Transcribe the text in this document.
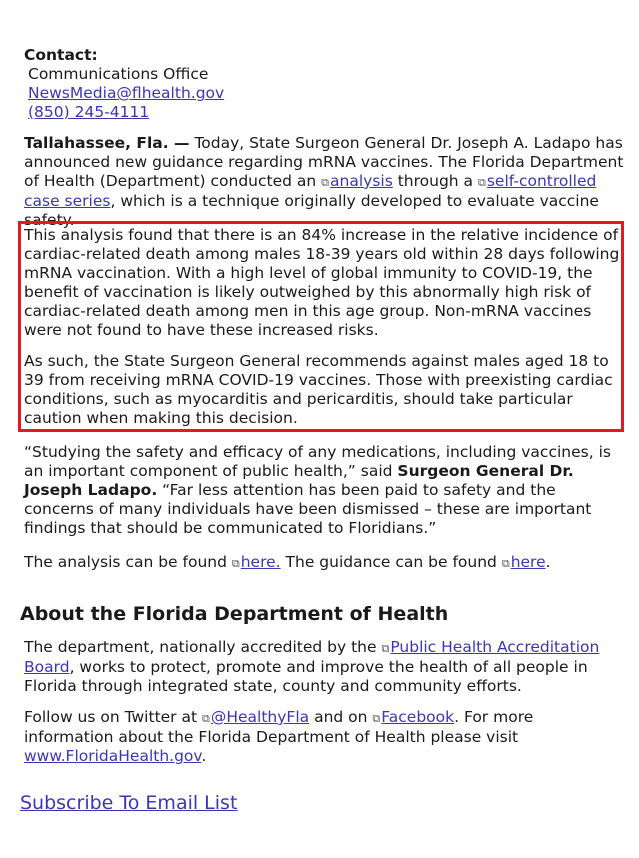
Contact:
Communications Office
NewsMedia@flhealth.gov
(850) 245-4111

Tallahassee, Fla. — Today, State Surgeon General Dr. Joseph A. Ladapo has announced new guidance regarding mRNA vaccines. The Florida Department of Health (Department) conducted an ⧉analysis through a ⧉self-controlled case series, which is a technique originally developed to evaluate vaccine safety.

This analysis found that there is an 84% increase in the relative incidence of cardiac-related death among males 18-39 years old within 28 days following mRNA vaccination. With a high level of global immunity to COVID-19, the benefit of vaccination is likely outweighed by this abnormally high risk of cardiac-related death among men in this age group. Non-mRNA vaccines were not found to have these increased risks.

As such, the State Surgeon General recommends against males aged 18 to 39 from receiving mRNA COVID-19 vaccines. Those with preexisting cardiac conditions, such as myocarditis and pericarditis, should take particular caution when making this decision.

“Studying the safety and efficacy of any medications, including vaccines, is an important component of public health,” said Surgeon General Dr. Joseph Ladapo. “Far less attention has been paid to safety and the concerns of many individuals have been dismissed – these are important findings that should be communicated to Floridians.”

The analysis can be found ⧉here. The guidance can be found ⧉here.

About the Florida Department of Health

The department, nationally accredited by the ⧉Public Health Accreditation Board, works to protect, promote and improve the health of all people in Florida through integrated state, county and community efforts.

Follow us on Twitter at ⧉@HealthyFla and on ⧉Facebook. For more information about the Florida Department of Health please visit www.FloridaHealth.gov.

Subscribe To Email List
